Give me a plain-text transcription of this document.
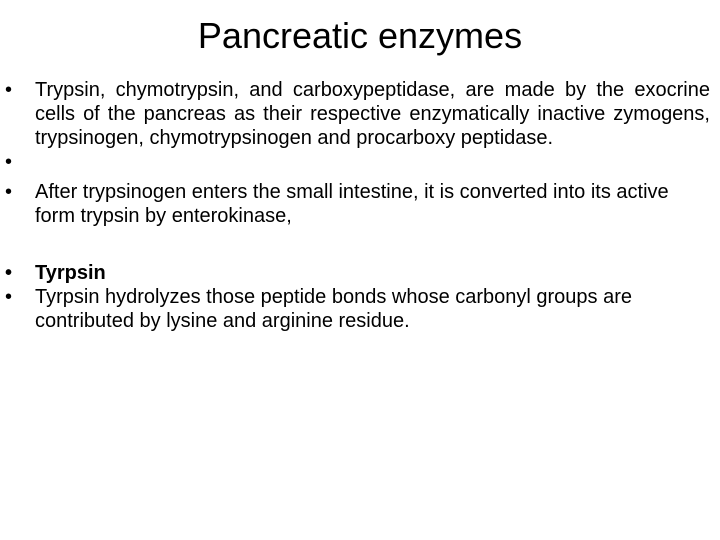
Pancreatic enzymes
• Trypsin, chymotrypsin, and carboxypeptidase, are made by the exocrine cells of the pancreas as their respective enzymatically inactive zymogens, trypsinogen, chymotrypsinogen and procarboxy peptidase.
•
• After trypsinogen enters the small intestine, it is converted into its active form trypsin by enterokinase,
• Tyrpsin
• Tyrpsin hydrolyzes those peptide bonds whose carbonyl groups are contributed by lysine and arginine residue.
